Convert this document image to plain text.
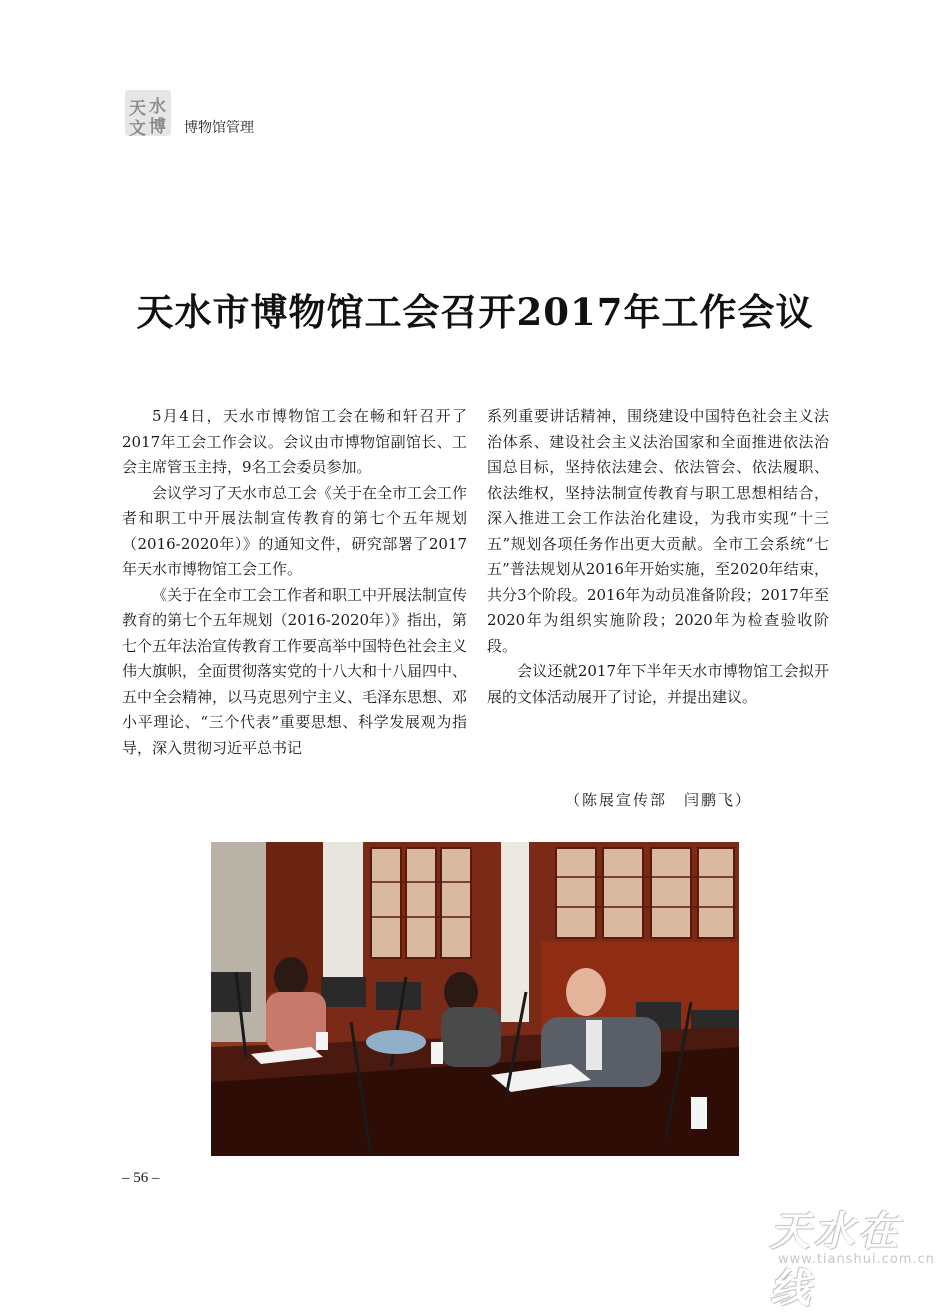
天 水
文 博 博物馆管理
天水市博物馆工会召开2017年工作会议

5月4日，天水市博物馆工会在畅和轩召开了2017年工会工作会议。会议由市博物馆副馆长、工会主席管玉主持，9名工会委员参加。

会议学习了天水市总工会《关于在全市工会工作者和职工中开展法制宣传教育的第七个五年规划（2016-2020年）》的通知文件，研究部署了2017年天水市博物馆工会工作。

《关于在全市工会工作者和职工中开展法制宣传教育的第七个五年规划（2016-2020年）》指出，第七个五年法治宣传教育工作要高举中国特色社会主义伟大旗帜，全面贯彻落实党的十八大和十八届四中、五中全会精神，以马克思列宁主义、毛泽东思想、邓小平理论、“三个代表”重要思想、科学发展观为指导，深入贯彻习近平总书记

系列重要讲话精神，围绕建设中国特色社会主义法治体系、建设社会主义法治国家和全面推进依法治国总目标，坚持依法建会、依法管会、依法履职、依法维权，坚持法制宣传教育与职工思想相结合，深入推进工会工作法治化建设，为我市实现“十三五”规划各项任务作出更大贡献。全市工会系统“七五”普法规划从2016年开始实施，至2020年结束，共分3个阶段。2016年为动员准备阶段；2017年至2020年为组织实施阶段；2020年为检查验收阶段。

会议还就2017年下半年天水市博物馆工会拟开展的文体活动展开了讨论，并提出建议。

（陈展宣传部　闫鹏飞）
– 56 –
天水在线
www.tianshui.com.cn
